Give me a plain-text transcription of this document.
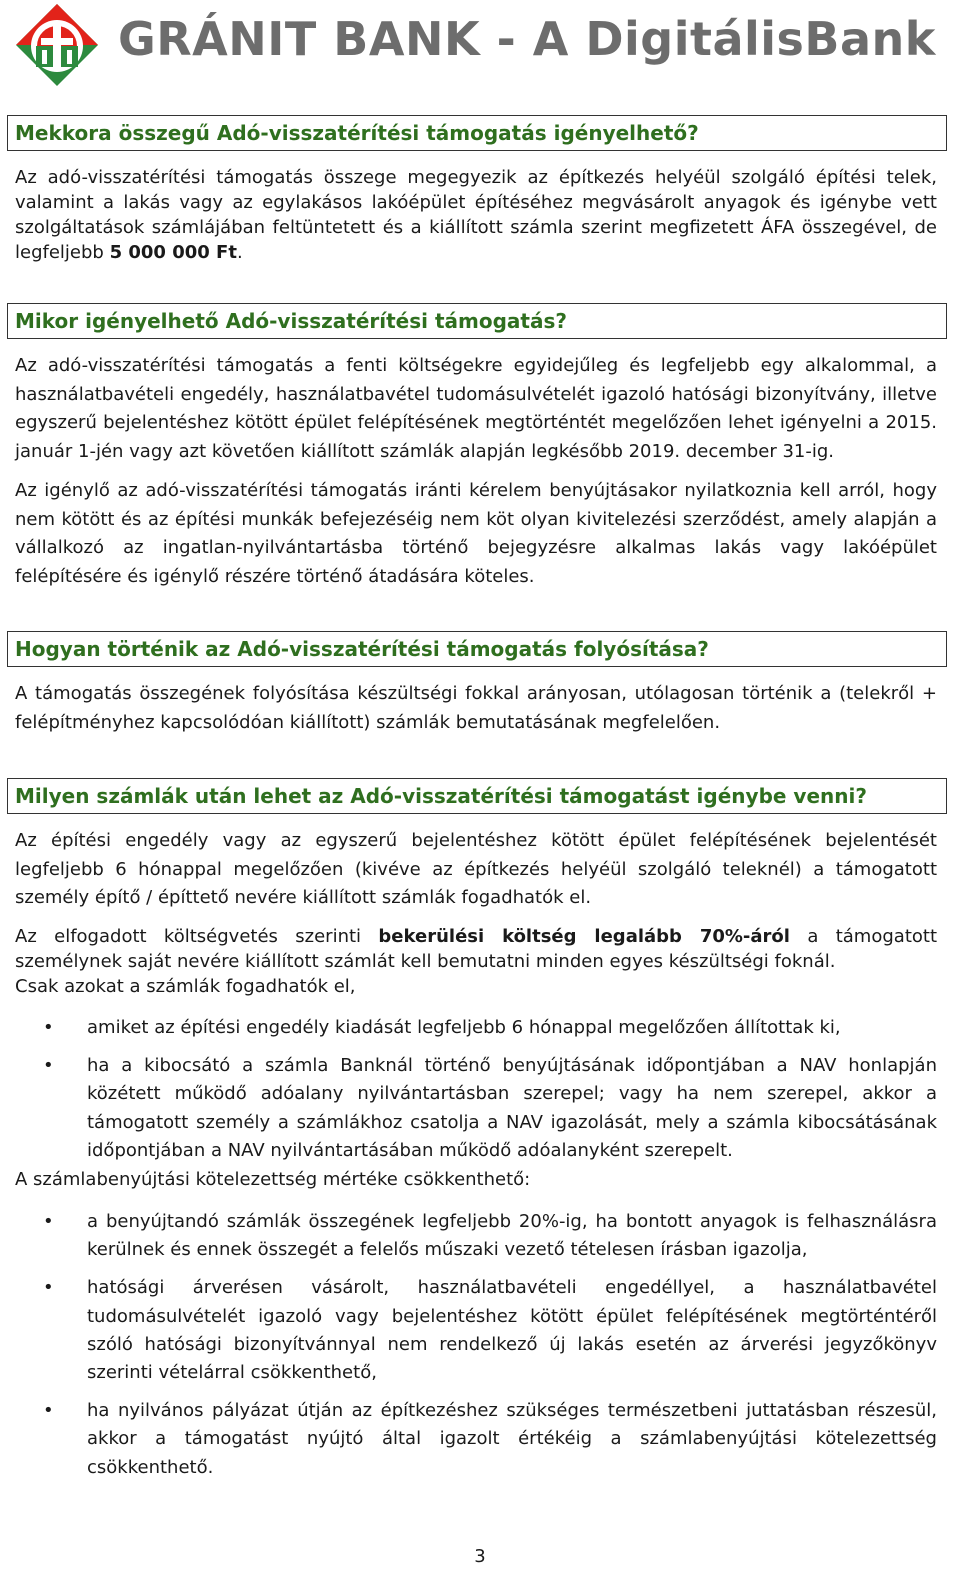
GRÁNIT BANK - A DigitálisBank
Mekkora összegű Adó-visszatérítési támogatás igényelhető?

Az adó-visszatérítési támogatás összege megegyezik az építkezés helyéül szolgáló építési telek, valamint a lakás vagy az egylakásos lakóépület építéséhez megvásárolt anyagok és igénybe vett szolgáltatások számlájában feltüntetett és a kiállított számla szerint megfizetett ÁFA összegével, de legfeljebb 5 000 000 Ft.

Mikor igényelhető Adó-visszatérítési támogatás?

Az adó-visszatérítési támogatás a fenti költségekre egyidejűleg és legfeljebb egy alkalommal, a használatbavételi engedély, használatbavétel tudomásulvételét igazoló hatósági bizonyítvány, illetve egyszerű bejelentéshez kötött épület felépítésének megtörténtét megelőzően lehet igényelni a 2015. január 1-jén vagy azt követően kiállított számlák alapján legkésőbb 2019. december 31-ig.

Az igénylő az adó-visszatérítési támogatás iránti kérelem benyújtásakor nyilatkoznia kell arról, hogy nem kötött és az építési munkák befejezéséig nem köt olyan kivitelezési szerződést, amely alapján a vállalkozó az ingatlan-nyilvántartásba történő bejegyzésre alkalmas lakás vagy lakóépület felépítésére és igénylő részére történő átadására köteles.

Hogyan történik az Adó-visszatérítési támogatás folyósítása?

A támogatás összegének folyósítása készültségi fokkal arányosan, utólagosan történik a (telekről + felépítményhez kapcsolódóan kiállított) számlák bemutatásának megfelelően.

Milyen számlák után lehet az Adó-visszatérítési támogatást igénybe venni?

Az építési engedély vagy az egyszerű bejelentéshez kötött épület felépítésének bejelentését legfeljebb 6 hónappal megelőzően (kivéve az építkezés helyéül szolgáló teleknél) a támogatott személy építő / építtető nevére kiállított számlák fogadhatók el.

Az elfogadott költségvetés szerinti bekerülési költség legalább 70%-áról a támogatott személynek saját nevére kiállított számlát kell bemutatni minden egyes készültségi foknál.

Csak azokat a számlák fogadhatók el,

• amiket az építési engedély kiadását legfeljebb 6 hónappal megelőzően állítottak ki,
• ha a kibocsátó a számla Banknál történő benyújtásának időpontjában a NAV honlapján közétett működő adóalany nyilvántartásban szerepel; vagy ha nem szerepel, akkor a támogatott személy a számlákhoz csatolja a NAV igazolását, mely a számla kibocsátásának időpontjában a NAV nyilvántartásában működő adóalanyként szerepelt.

A számlabenyújtási kötelezettség mértéke csökkenthető:

• a benyújtandó számlák összegének legfeljebb 20%-ig, ha bontott anyagok is felhasználásra kerülnek és ennek összegét a felelős műszaki vezető tételesen írásban igazolja,
• hatósági árverésen vásárolt, használatbavételi engedéllyel, a használatbavétel tudomásulvételét igazoló vagy bejelentéshez kötött épület felépítésének megtörténtéről szóló hatósági bizonyítvánnyal nem rendelkező új lakás esetén az árverési jegyzőkönyv szerinti vételárral csökkenthető,
• ha nyilvános pályázat útján az építkezéshez szükséges természetbeni juttatásban részesül, akkor a támogatást nyújtó által igazolt értékéig a számlabenyújtási kötelezettség csökkenthető.
3
